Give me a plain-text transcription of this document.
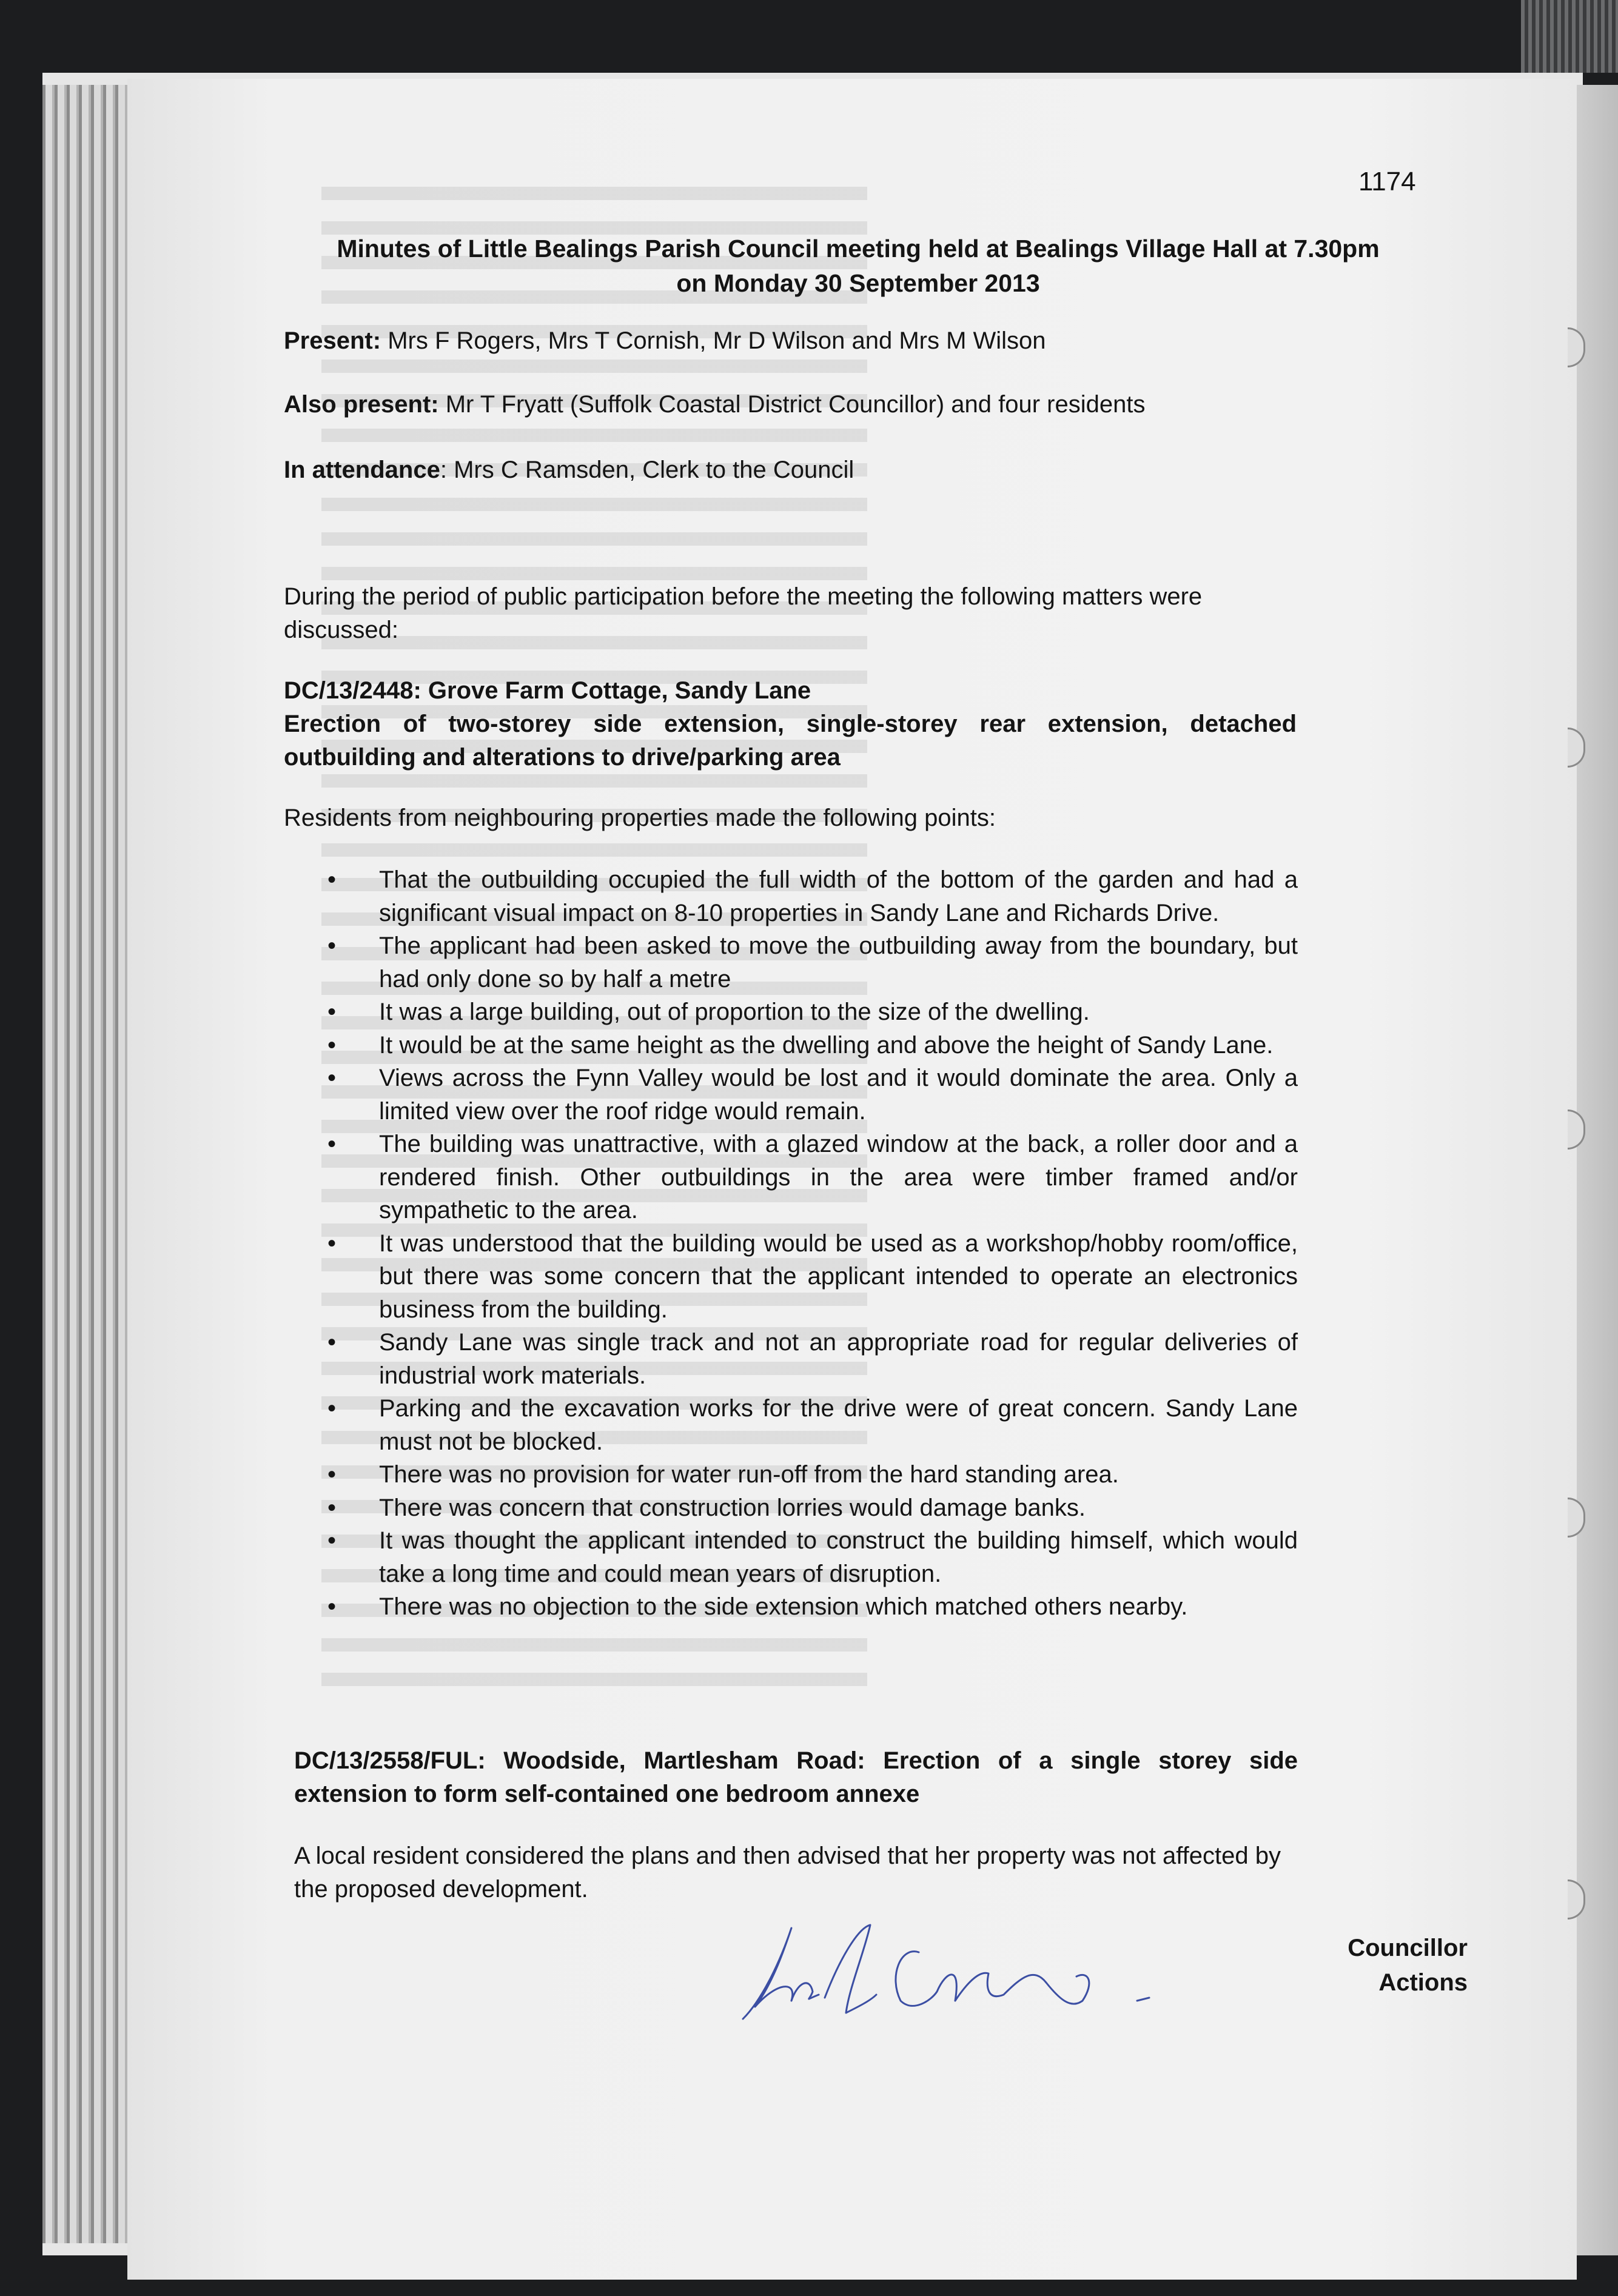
1174
Minutes of Little Bealings Parish Council meeting held at Bealings Village Hall at 7.30pm
on Monday 30 September 2013
Present: Mrs F Rogers, Mrs T Cornish, Mr D Wilson and Mrs M Wilson
Also present: Mr T Fryatt (Suffolk Coastal District Councillor) and four residents
In attendance: Mrs C Ramsden, Clerk to the Council
During the period of public participation before the meeting the following matters were discussed:
DC/13/2448: Grove Farm Cottage, Sandy Lane
Erection of two-storey side extension, single-storey rear extension, detached outbuilding and alterations to drive/parking area
Residents from neighbouring properties made the following points:
• That the outbuilding occupied the full width of the bottom of the garden and had a significant visual impact on 8-10 properties in Sandy Lane and Richards Drive.
• The applicant had been asked to move the outbuilding away from the boundary, but had only done so by half a metre
• It was a large building, out of proportion to the size of the dwelling.
• It would be at the same height as the dwelling and above the height of Sandy Lane.
• Views across the Fynn Valley would be lost and it would dominate the area. Only a limited view over the roof ridge would remain.
• The building was unattractive, with a glazed window at the back, a roller door and a rendered finish. Other outbuildings in the area were timber framed and/or sympathetic to the area.
• It was understood that the building would be used as a workshop/hobby room/office, but there was some concern that the applicant intended to operate an electronics business from the building.
• Sandy Lane was single track and not an appropriate road for regular deliveries of industrial work materials.
• Parking and the excavation works for the drive were of great concern. Sandy Lane must not be blocked.
• There was no provision for water run-off from the hard standing area.
• There was concern that construction lorries would damage banks.
• It was thought the applicant intended to construct the building himself, which would take a long time and could mean years of disruption.
• There was no objection to the side extension which matched others nearby.
DC/13/2558/FUL: Woodside, Martlesham Road: Erection of a single storey side extension to form self-contained one bedroom annexe
A local resident considered the plans and then advised that her property was not affected by the proposed development.
Councillor
Actions
